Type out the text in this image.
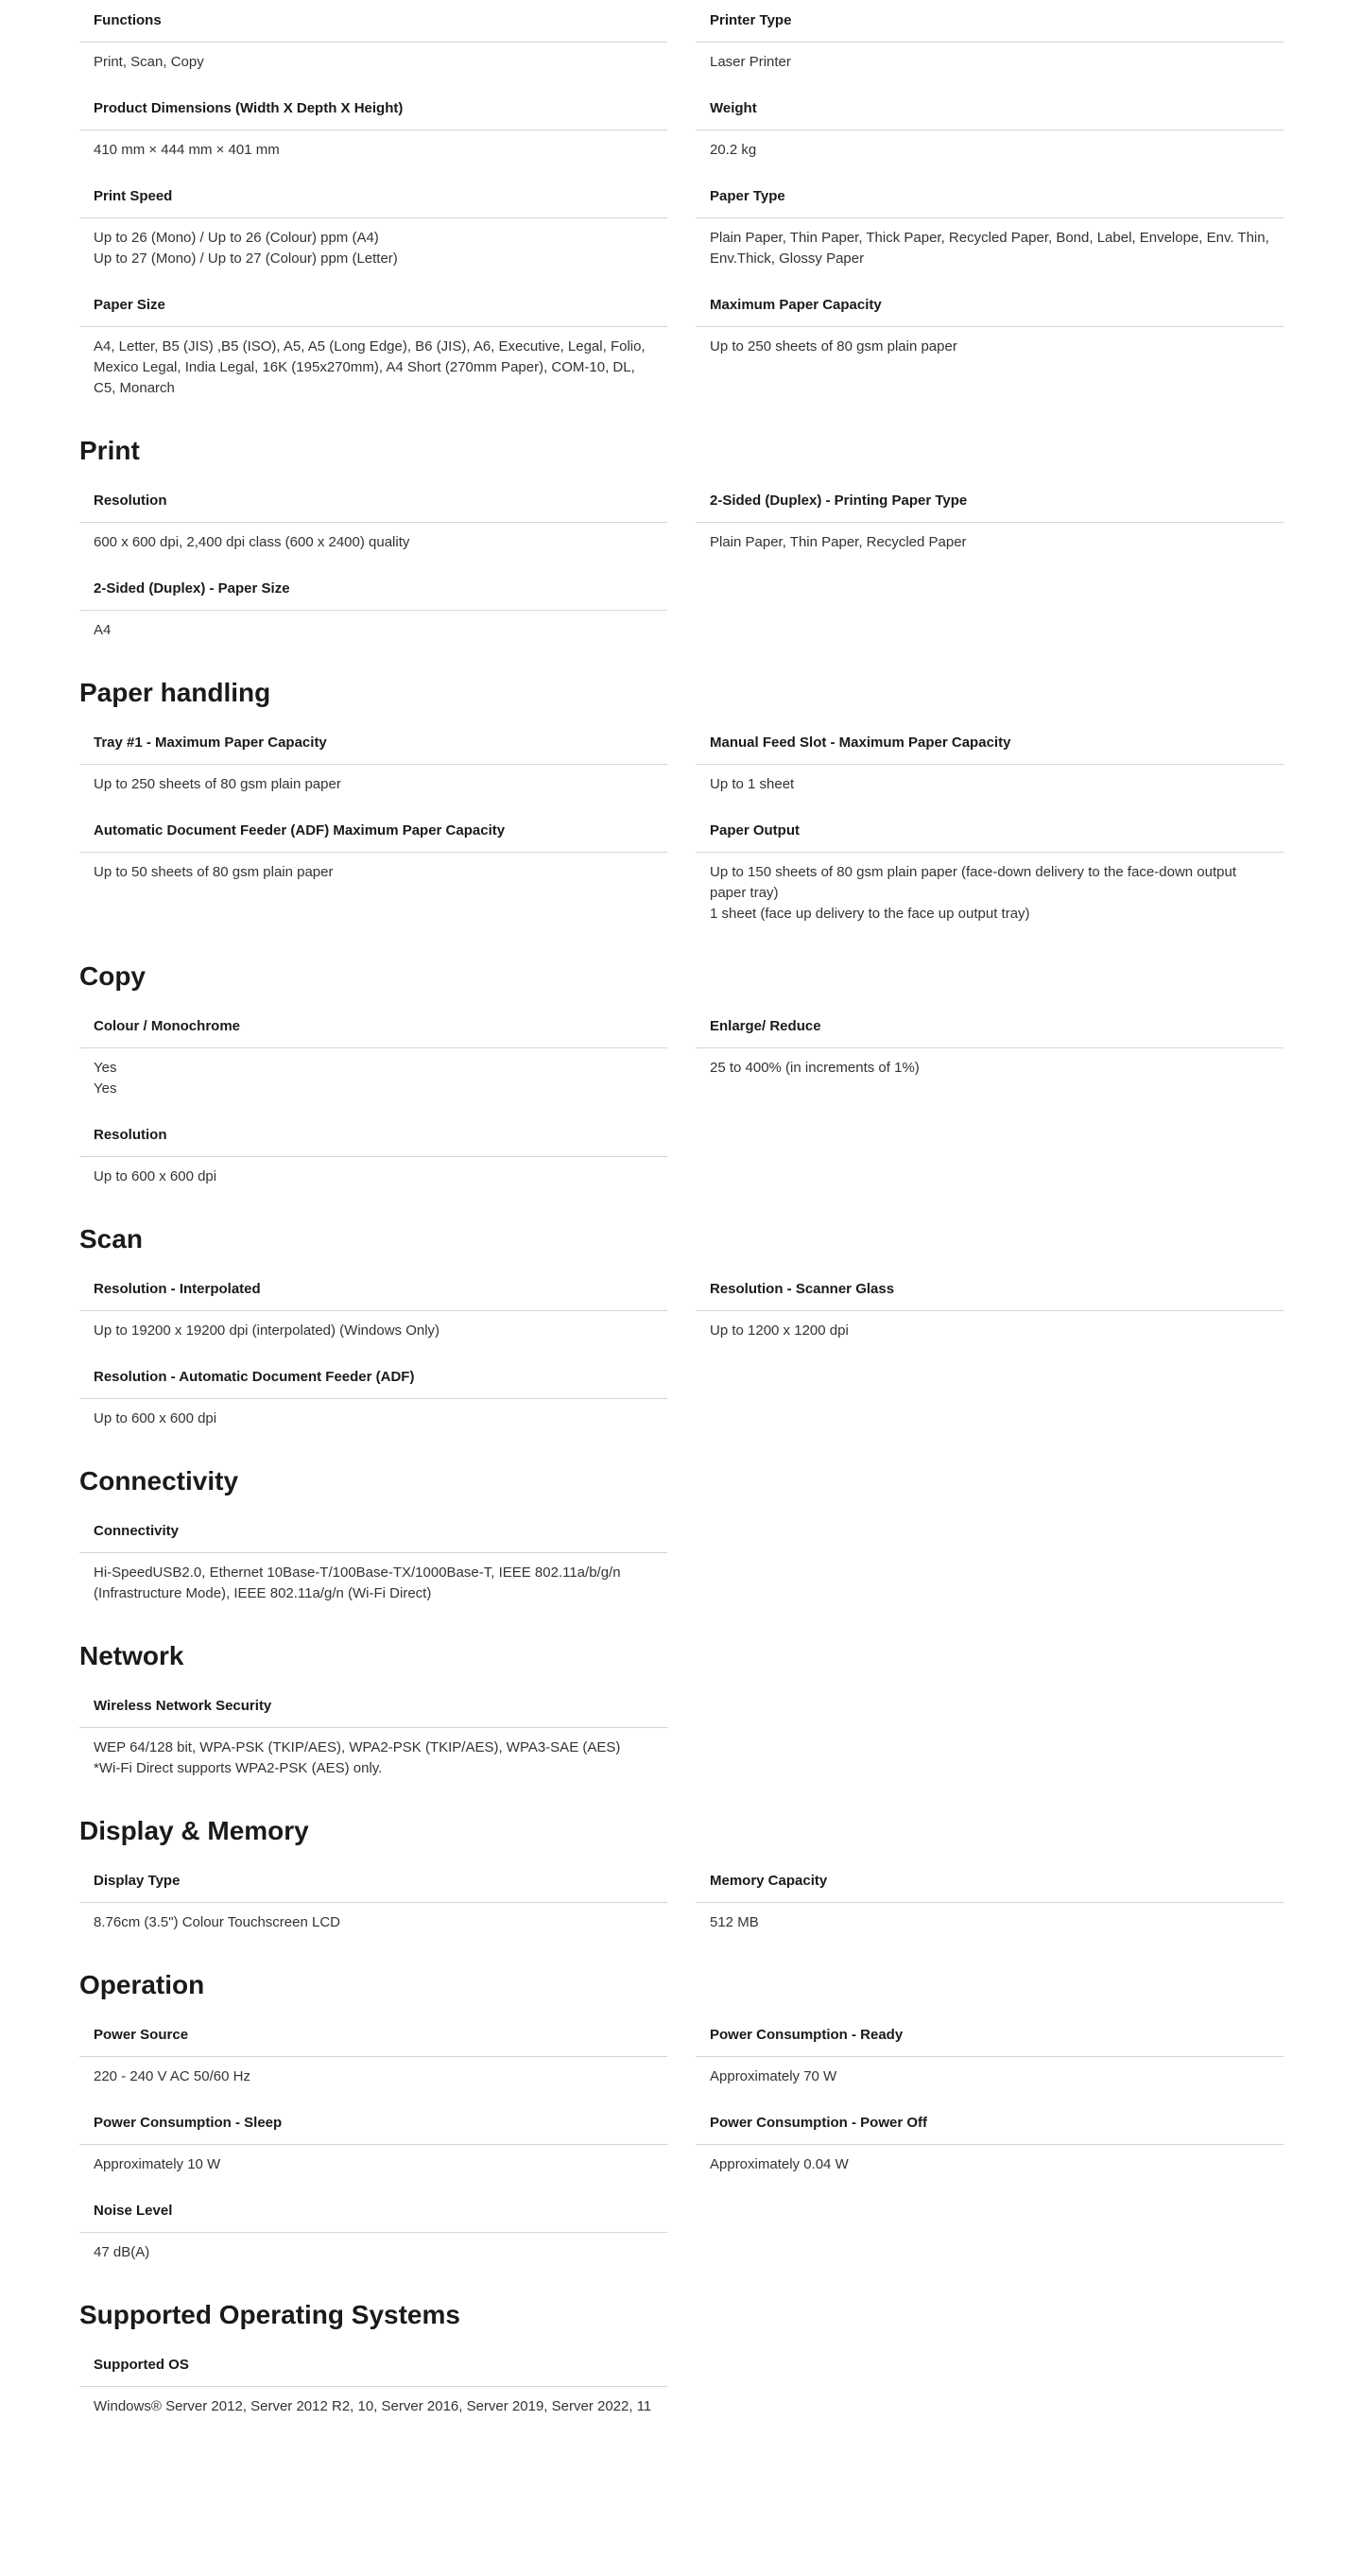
Functions
Print, Scan, Copy
Printer Type
Laser Printer
Product Dimensions (Width X Depth X Height)
410 mm × 444 mm × 401 mm
Weight
20.2 kg
Print Speed
Up to 26 (Mono) / Up to 26 (Colour) ppm (A4)
Up to 27 (Mono) / Up to 27 (Colour) ppm (Letter)
Paper Type
Plain Paper, Thin Paper, Thick Paper, Recycled Paper, Bond, Label, Envelope, Env. Thin, Env.Thick, Glossy Paper
Paper Size
A4, Letter, B5 (JIS) ,B5 (ISO), A5, A5 (Long Edge), B6 (JIS), A6, Executive, Legal, Folio, Mexico Legal, India Legal, 16K (195x270mm), A4 Short (270mm Paper), COM-10, DL, C5, Monarch
Maximum Paper Capacity
Up to 250 sheets of 80 gsm plain paper
Print
Resolution
600 x 600 dpi, 2,400 dpi class (600 x 2400) quality
2-Sided (Duplex) - Printing Paper Type
Plain Paper, Thin Paper, Recycled Paper
2-Sided (Duplex) - Paper Size
A4
Paper handling
Tray #1 - Maximum Paper Capacity
Up to 250 sheets of 80 gsm plain paper
Manual Feed Slot - Maximum Paper Capacity
Up to 1 sheet
Automatic Document Feeder (ADF) Maximum Paper Capacity
Up to 50 sheets of 80 gsm plain paper
Paper Output
Up to 150 sheets of 80 gsm plain paper (face-down delivery to the face-down output paper tray)
1 sheet (face up delivery to the face up output tray)
Copy
Colour / Monochrome
Yes
Yes
Enlarge/ Reduce
25 to 400% (in increments of 1%)
Resolution
Up to 600 x 600 dpi
Scan
Resolution - Interpolated
Up to 19200 x 19200 dpi (interpolated) (Windows Only)
Resolution - Scanner Glass
Up to 1200 x 1200 dpi
Resolution - Automatic Document Feeder (ADF)
Up to 600 x 600 dpi
Connectivity
Connectivity
Hi-SpeedUSB2.0, Ethernet 10Base-T/100Base-TX/1000Base-T, IEEE 802.11a/b/g/n (Infrastructure Mode), IEEE 802.11a/g/n (Wi-Fi Direct)
Network
Wireless Network Security
WEP 64/128 bit, WPA-PSK (TKIP/AES), WPA2-PSK (TKIP/AES), WPA3-SAE (AES)
*Wi-Fi Direct supports WPA2-PSK (AES) only.
Display & Memory
Display Type
8.76cm (3.5") Colour Touchscreen LCD
Memory Capacity
512 MB
Operation
Power Source
220 - 240 V AC 50/60 Hz
Power Consumption - Ready
Approximately 70 W
Power Consumption - Sleep
Approximately 10 W
Power Consumption - Power Off
Approximately 0.04 W
Noise Level
47 dB(A)
Supported Operating Systems
Supported OS
Windows® Server 2012, Server 2012 R2, 10, Server 2016, Server 2019, Server 2022, 11
